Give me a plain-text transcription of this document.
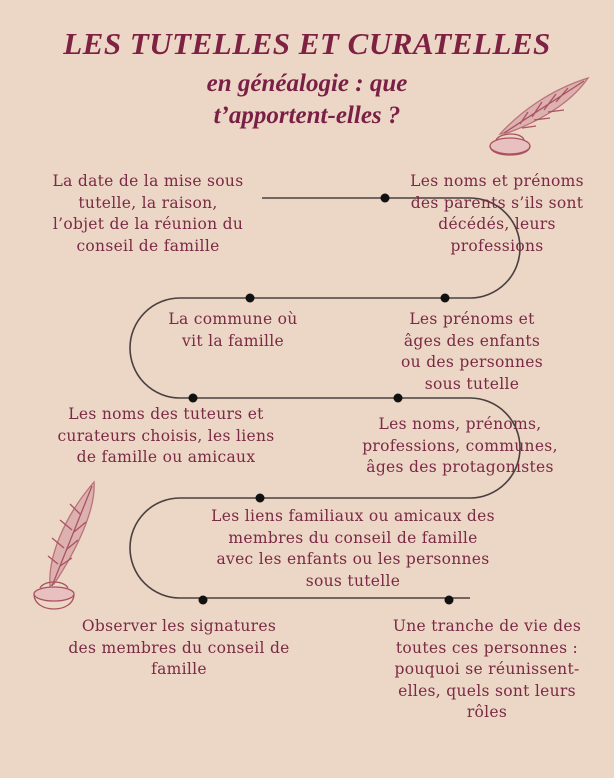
LES TUTELLES ET CURATELLES
en généalogie : que
t’apportent-elles ?

La date de la mise sous
tutelle, la raison,
l’objet de la réunion du
conseil de famille

Les noms et prénoms
des parents s’ils sont
décédés, leurs
professions

La commune où
vit la famille

Les prénoms et
âges des enfants
ou des personnes
sous tutelle

Les noms des tuteurs et
curateurs choisis, les liens
de famille ou amicaux

Les noms, prénoms,
professions, communes,
âges des protagonistes

Les liens familiaux ou amicaux des
membres du conseil de famille
avec les enfants ou les personnes
sous tutelle

Observer les signatures
des membres du conseil de
famille

Une tranche de vie des
toutes ces personnes :
pouquoi se réunissent-
elles, quels sont leurs
rôles
